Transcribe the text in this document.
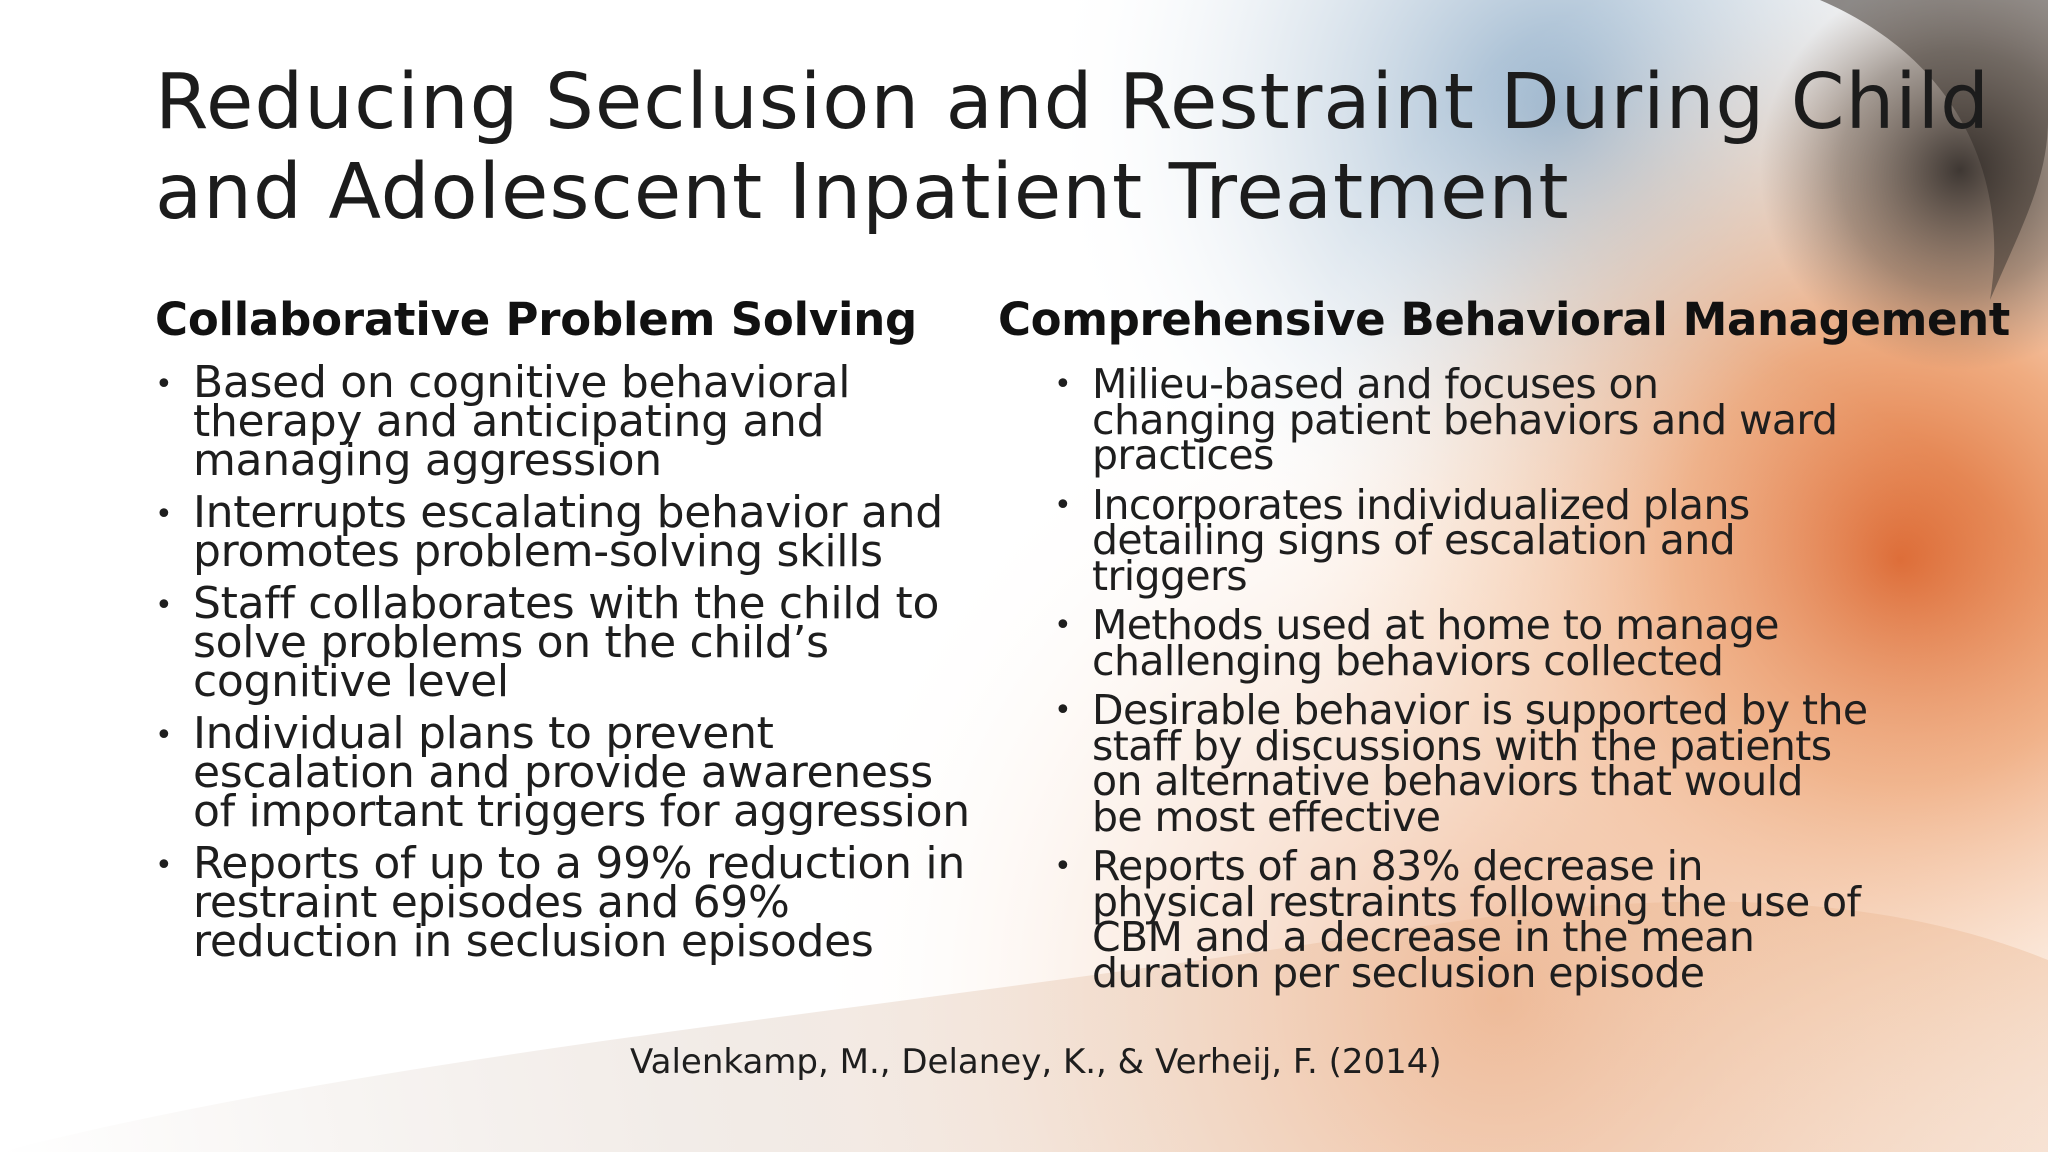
Reducing Seclusion and Restraint During Child
and Adolescent Inpatient Treatment
Collaborative Problem Solving
• Based on cognitive behavioral
therapy and anticipating and
managing aggression
• Interrupts escalating behavior and
promotes problem-solving skills
• Staff collaborates with the child to
solve problems on the child’s
cognitive level
• Individual plans to prevent
escalation and provide awareness
of important triggers for aggression
• Reports of up to a 99% reduction in
restraint episodes and 69%
reduction in seclusion episodes
Comprehensive Behavioral Management
• Milieu-based and focuses on
changing patient behaviors and ward
practices
• Incorporates individualized plans
detailing signs of escalation and
triggers
• Methods used at home to manage
challenging behaviors collected
• Desirable behavior is supported by the
staff by discussions with the patients
on alternative behaviors that would
be most effective
• Reports of an 83% decrease in
physical restraints following the use of
CBM and a decrease in the mean
duration per seclusion episode
Valenkamp, M., Delaney, K., & Verheij, F. (2014)
